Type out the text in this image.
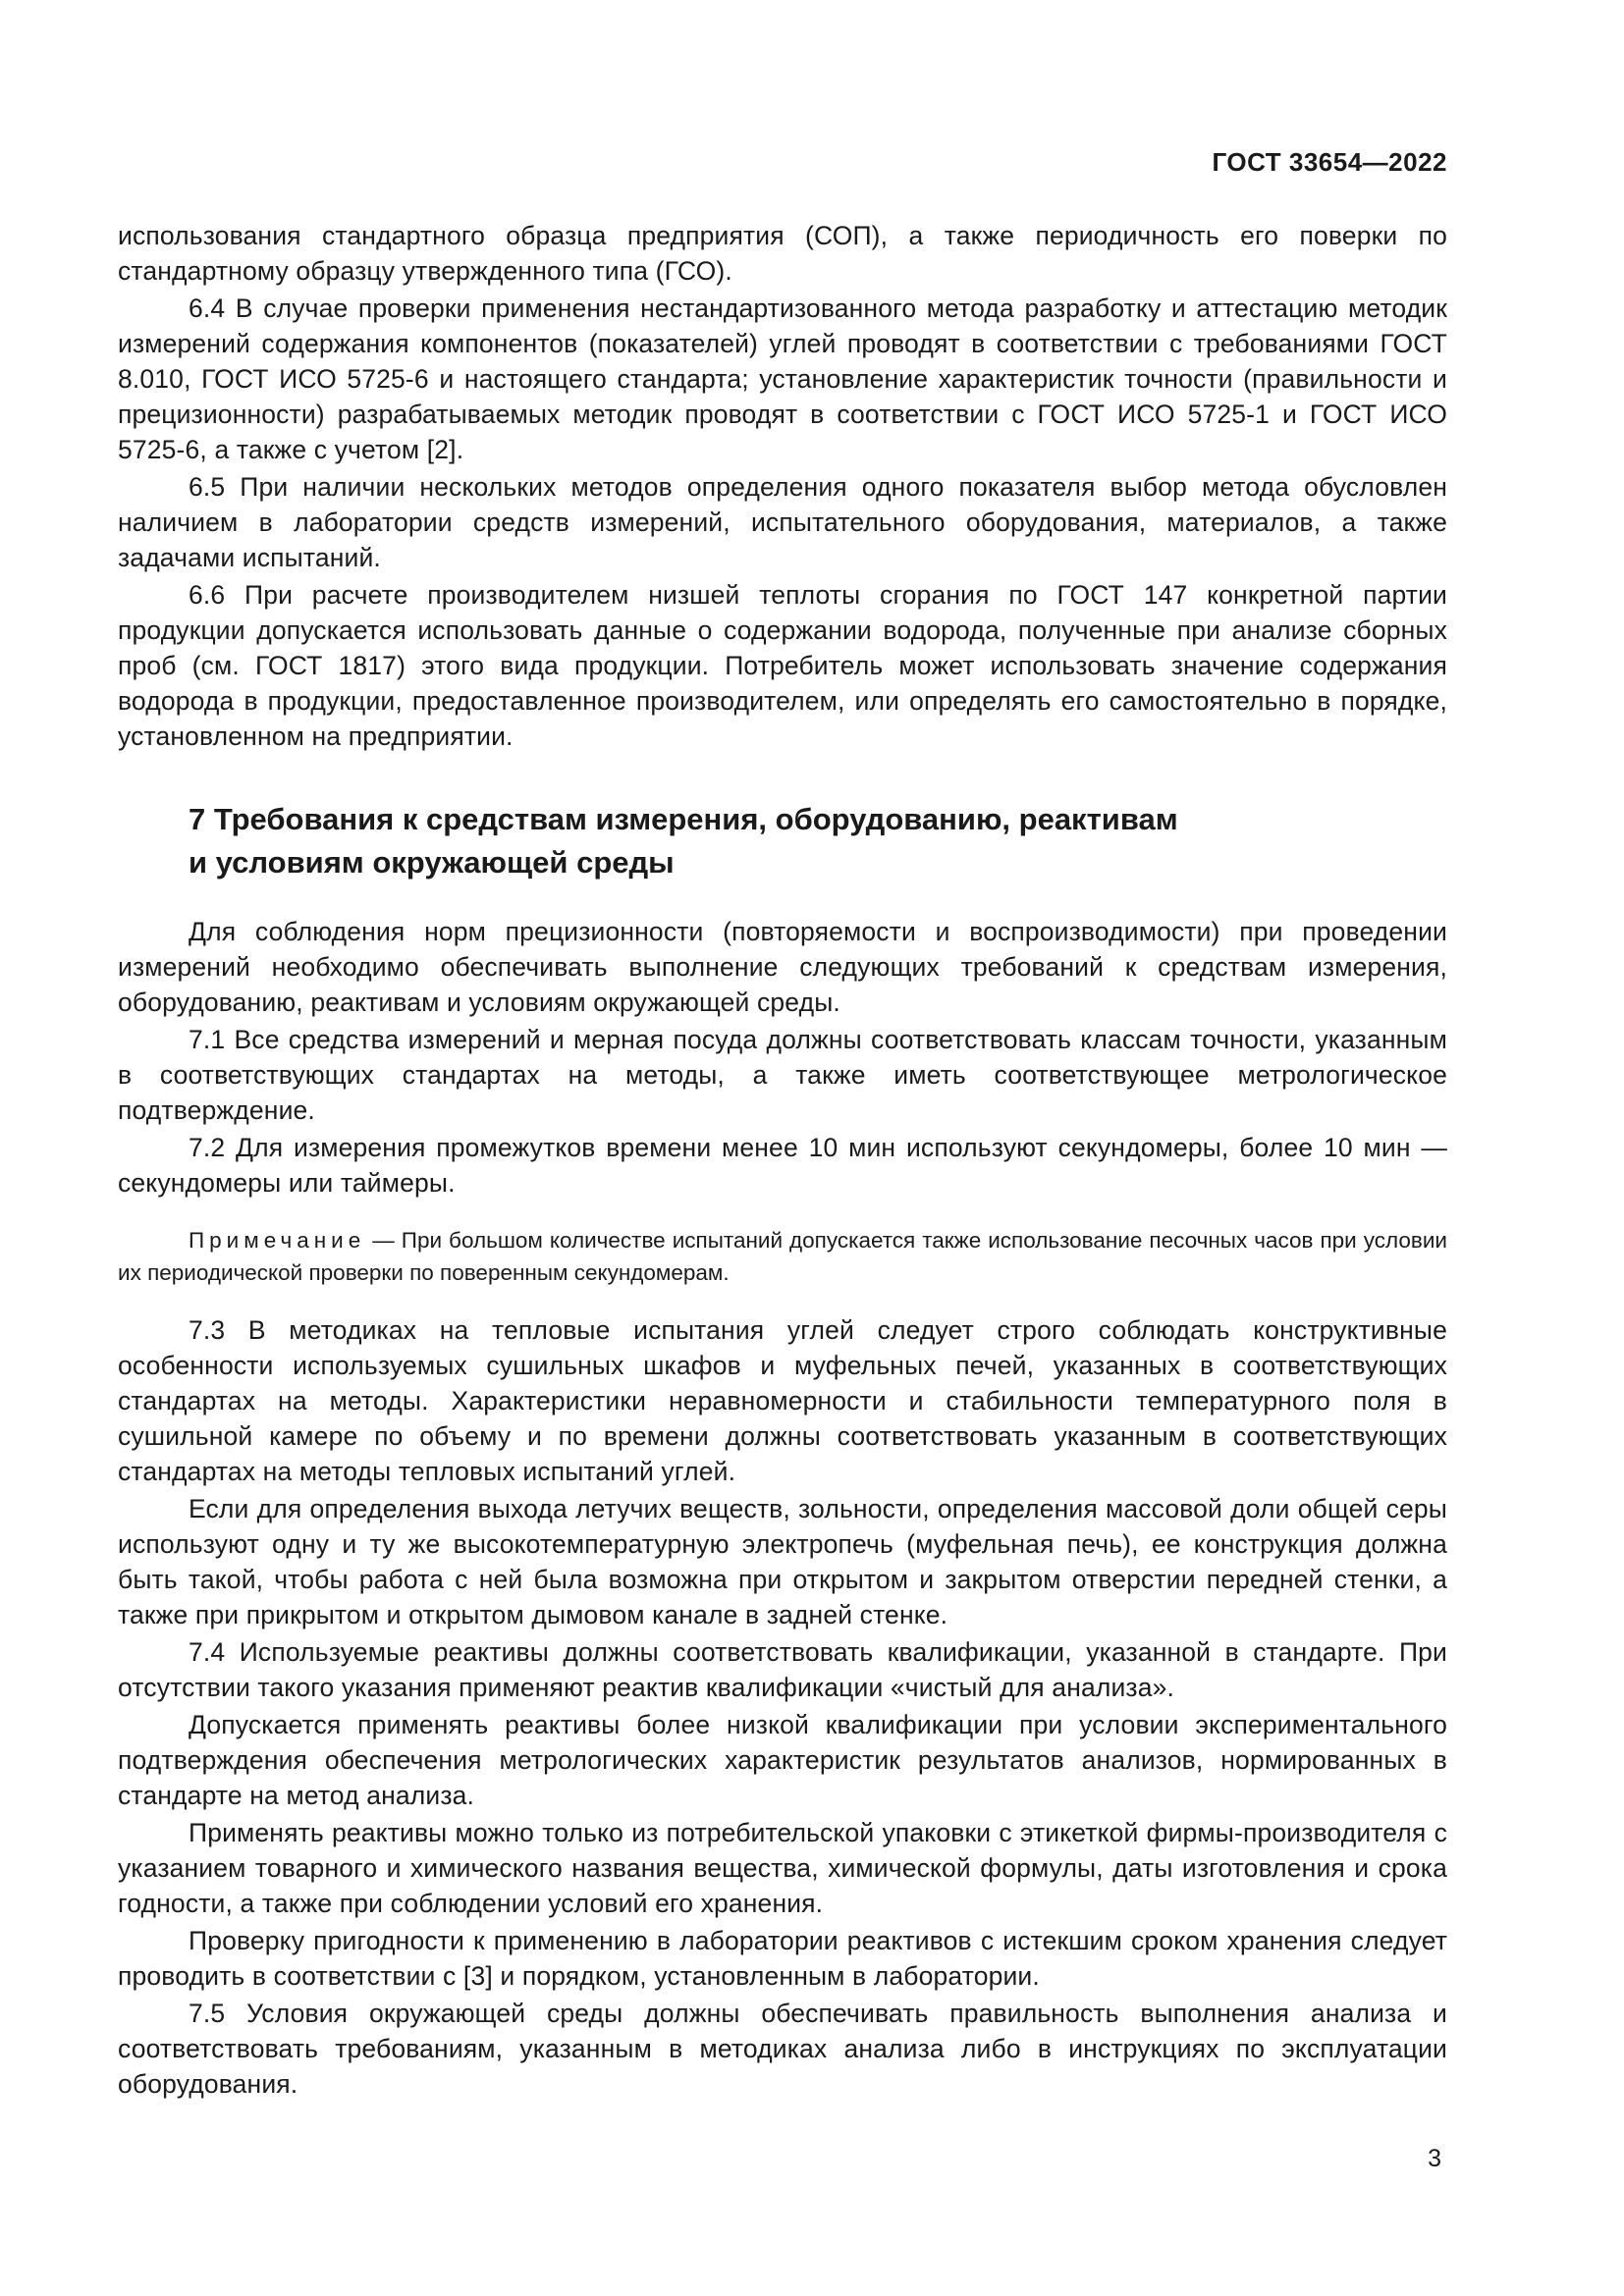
ГОСТ 33654—2022

использования стандартного образца предприятия (СОП), а также периодичность его поверки по стандартному образцу утвержденного типа (ГСО).

6.4 В случае проверки применения нестандартизованного метода разработку и аттестацию методик измерений содержания компонентов (показателей) углей проводят в соответствии с требованиями ГОСТ 8.010, ГОСТ ИСО 5725-6 и настоящего стандарта; установление характеристик точности (правильности и прецизионности) разрабатываемых методик проводят в соответствии с ГОСТ ИСО 5725-1 и ГОСТ ИСО 5725-6, а также с учетом [2].

6.5 При наличии нескольких методов определения одного показателя выбор метода обусловлен наличием в лаборатории средств измерений, испытательного оборудования, материалов, а также задачами испытаний.

6.6 При расчете производителем низшей теплоты сгорания по ГОСТ 147 конкретной партии продукции допускается использовать данные о содержании водорода, полученные при анализе сборных проб (см. ГОСТ 1817) этого вида продукции. Потребитель может использовать значение содержания водорода в продукции, предоставленное производителем, или определять его самостоятельно в порядке, установленном на предприятии.

7 Требования к средствам измерения, оборудованию, реактивам
и условиям окружающей среды

Для соблюдения норм прецизионности (повторяемости и воспроизводимости) при проведении измерений необходимо обеспечивать выполнение следующих требований к средствам измерения, оборудованию, реактивам и условиям окружающей среды.

7.1 Все средства измерений и мерная посуда должны соответствовать классам точности, указанным в соответствующих стандартах на методы, а также иметь соответствующее метрологическое подтверждение.

7.2 Для измерения промежутков времени менее 10 мин используют секундомеры, более 10 мин — секундомеры или таймеры.

Примечание — При большом количестве испытаний допускается также использование песочных часов при условии их периодической проверки по поверенным секундомерам.

7.3 В методиках на тепловые испытания углей следует строго соблюдать конструктивные особенности используемых сушильных шкафов и муфельных печей, указанных в соответствующих стандартах на методы. Характеристики неравномерности и стабильности температурного поля в сушильной камере по объему и по времени должны соответствовать указанным в соответствующих стандартах на методы тепловых испытаний углей.

Если для определения выхода летучих веществ, зольности, определения массовой доли общей серы используют одну и ту же высокотемпературную электропечь (муфельная печь), ее конструкция должна быть такой, чтобы работа с ней была возможна при открытом и закрытом отверстии передней стенки, а также при прикрытом и открытом дымовом канале в задней стенке.

7.4 Используемые реактивы должны соответствовать квалификации, указанной в стандарте. При отсутствии такого указания применяют реактив квалификации «чистый для анализа».

Допускается применять реактивы более низкой квалификации при условии экспериментального подтверждения обеспечения метрологических характеристик результатов анализов, нормированных в стандарте на метод анализа.

Применять реактивы можно только из потребительской упаковки с этикеткой фирмы-производителя с указанием товарного и химического названия вещества, химической формулы, даты изготовления и срока годности, а также при соблюдении условий его хранения.

Проверку пригодности к применению в лаборатории реактивов с истекшим сроком хранения следует проводить в соответствии с [3] и порядком, установленным в лаборатории.

7.5 Условия окружающей среды должны обеспечивать правильность выполнения анализа и соответствовать требованиям, указанным в методиках анализа либо в инструкциях по эксплуатации оборудования.

3
